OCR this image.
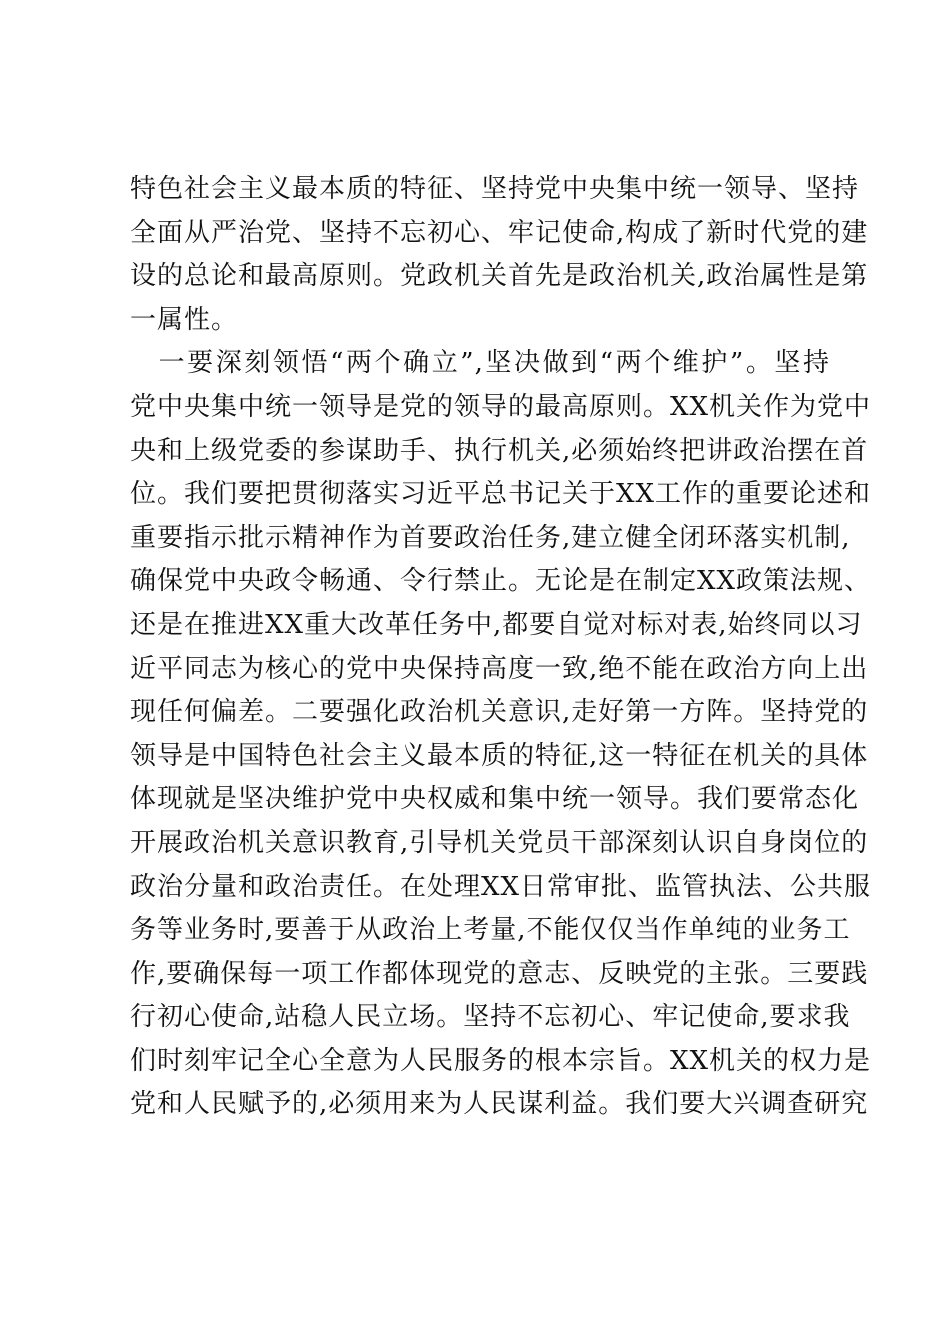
特色社会主义最本质的特征、坚持党中央集中统一领导、坚持
全面从严治党、坚持不忘初心、牢记使命,构成了新时代党的建
设的总论和最高原则。党政机关首先是政治机关,政治属性是第
一属性。
　一要深刻领悟“两个确立”,坚决做到“两个维护”。坚持
党中央集中统一领导是党的领导的最高原则。XX机关作为党中
央和上级党委的参谋助手、执行机关,必须始终把讲政治摆在首
位。我们要把贯彻落实习近平总书记关于XX工作的重要论述和
重要指示批示精神作为首要政治任务,建立健全闭环落实机制,
确保党中央政令畅通、令行禁止。无论是在制定XX政策法规、
还是在推进XX重大改革任务中,都要自觉对标对表,始终同以习
近平同志为核心的党中央保持高度一致,绝不能在政治方向上出
现任何偏差。二要强化政治机关意识,走好第一方阵。坚持党的
领导是中国特色社会主义最本质的特征,这一特征在机关的具体
体现就是坚决维护党中央权威和集中统一领导。我们要常态化
开展政治机关意识教育,引导机关党员干部深刻认识自身岗位的
政治分量和政治责任。在处理XX日常审批、监管执法、公共服
务等业务时,要善于从政治上考量,不能仅仅当作单纯的业务工
作,要确保每一项工作都体现党的意志、反映党的主张。三要践
行初心使命,站稳人民立场。坚持不忘初心、牢记使命,要求我
们时刻牢记全心全意为人民服务的根本宗旨。XX机关的权力是
党和人民赋予的,必须用来为人民谋利益。我们要大兴调查研究
